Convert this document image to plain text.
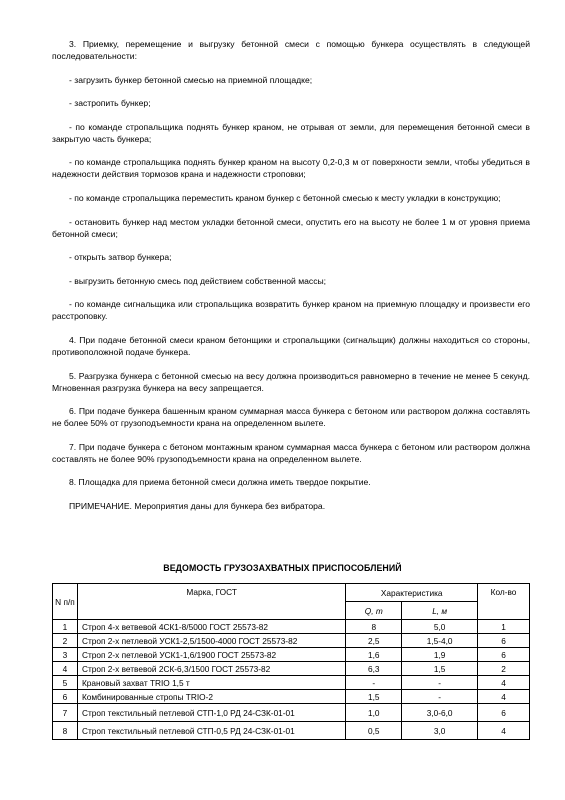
3. Приемку, перемещение и выгрузку бетонной смеси с помощью бункера осуществлять в следующей последовательности:

- загрузить бункер бетонной смесью на приемной площадке;

- застропить бункер;

- по команде стропальщика поднять бункер краном, не отрывая от земли, для перемещения бетонной смеси в закрытую часть бункера;

- по команде стропальщика поднять бункер краном на высоту 0,2-0,3 м от поверхности земли, чтобы убедиться в надежности действия тормозов крана и надежности строповки;

- по команде стропальщика переместить краном бункер с бетонной смесью к месту укладки в конструкцию;

- остановить бункер над местом укладки бетонной смеси, опустить его на высоту не более 1 м от уровня приема бетонной смеси;

- открыть затвор бункера;

- выгрузить бетонную смесь под действием собственной массы;

- по команде сигнальщика или стропальщика возвратить бункер краном на приемную площадку и произвести его расстроповку.

4. При подаче бетонной смеси краном бетонщики и стропальщики (сигнальщик) должны находиться со стороны, противоположной подаче бункера.

5. Разгрузка бункера с бетонной смесью на весу должна производиться равномерно в течение не менее 5 секунд. Мгновенная разгрузка бункера на весу запрещается.

6. При подаче бункера башенным краном суммарная масса бункера с бетоном или раствором должна составлять не более 50% от грузоподъемности крана на определенном вылете.

7. При подаче бункера с бетоном монтажным краном суммарная масса бункера с бетоном или раствором должна составлять не более 90% грузоподъемности крана на определенном вылете.

8. Площадка для приема бетонной смеси должна иметь твердое покрытие.

ПРИМЕЧАНИЕ. Мероприятия даны для бункера без вибратора.

ВЕДОМОСТЬ ГРУЗОЗАХВАТНЫХ ПРИСПОСОБЛЕНИЙ
N п/п	Марка, ГОСТ	Характеристика		Кол-во
		Q, т	L, м	
1	Строп 4-х ветвевой 4СК1-8/5000 ГОСТ 25573-82	8	5,0	1
2	Строп 2-х петлевой УСК1-2,5/1500-4000 ГОСТ 25573-82	2,5	1,5-4,0	6
3	Строп 2-х петлевой УСК1-1,6/1900 ГОСТ 25573-82	1,6	1,9	6
4	Строп 2-х ветвевой 2СК-6,3/1500 ГОСТ 25573-82	6,3	1,5	2
5	Крановый захват TRIO 1,5 т	-	-	4
6	Комбинированные стропы TRIO-2	1,5	-	4
7	Строп текстильный петлевой СТП-1,0 РД 24-СЗК-01-01	1,0	3,0-6,0	6
8	Строп текстильный петлевой СТП-0,5 РД 24-СЗК-01-01	0,5	3,0	4
